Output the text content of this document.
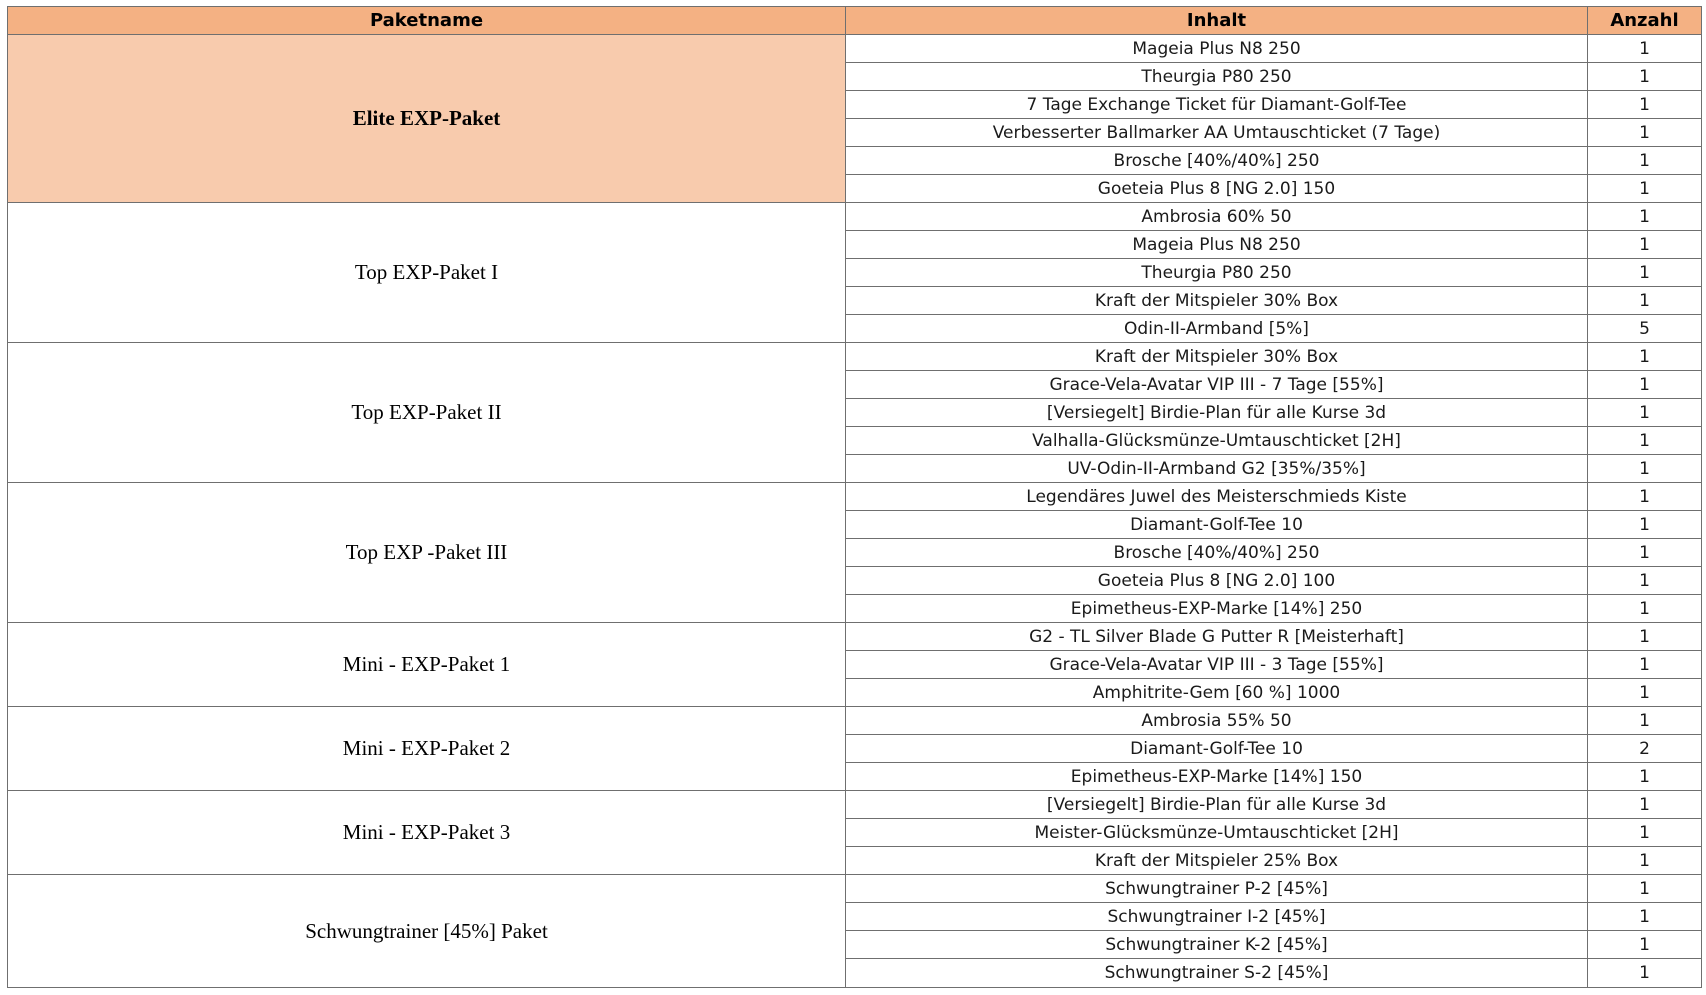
Paketname	Inhalt	Anzahl
Elite EXP-Paket	Mageia Plus N8 250	1
	Theurgia P80 250	1
	7 Tage Exchange Ticket für Diamant-Golf-Tee	1
	Verbesserter Ballmarker AA Umtauschticket (7 Tage)	1
	Brosche [40%/40%] 250	1
	Goeteia Plus 8 [NG 2.0] 150	1
Top EXP-Paket I	Ambrosia 60% 50	1
	Mageia Plus N8 250	1
	Theurgia P80 250	1
	Kraft der Mitspieler 30% Box	1
	Odin-II-Armband [5%]	5
Top EXP-Paket II	Kraft der Mitspieler 30% Box	1
	Grace-Vela-Avatar VIP III - 7 Tage [55%]	1
	[Versiegelt] Birdie-Plan für alle Kurse 3d	1
	Valhalla-Glücksmünze-Umtauschticket [2H]	1
	UV-Odin-II-Armband G2 [35%/35%]	1
Top EXP -Paket III	Legendäres Juwel des Meisterschmieds Kiste	1
	Diamant-Golf-Tee 10	1
	Brosche [40%/40%] 250	1
	Goeteia Plus 8 [NG 2.0] 100	1
	Epimetheus-EXP-Marke [14%] 250	1
Mini - EXP-Paket 1	G2 - TL Silver Blade G Putter R [Meisterhaft]	1
	Grace-Vela-Avatar VIP III - 3 Tage [55%]	1
	Amphitrite-Gem [60 %] 1000	1
Mini - EXP-Paket 2	Ambrosia 55% 50	1
	Diamant-Golf-Tee 10	2
	Epimetheus-EXP-Marke [14%] 150	1
Mini - EXP-Paket 3	[Versiegelt] Birdie-Plan für alle Kurse 3d	1
	Meister-Glücksmünze-Umtauschticket [2H]	1
	Kraft der Mitspieler 25% Box	1
Schwungtrainer [45%] Paket	Schwungtrainer P-2 [45%]	1
	Schwungtrainer I-2 [45%]	1
	Schwungtrainer K-2 [45%]	1
	Schwungtrainer S-2 [45%]	1
